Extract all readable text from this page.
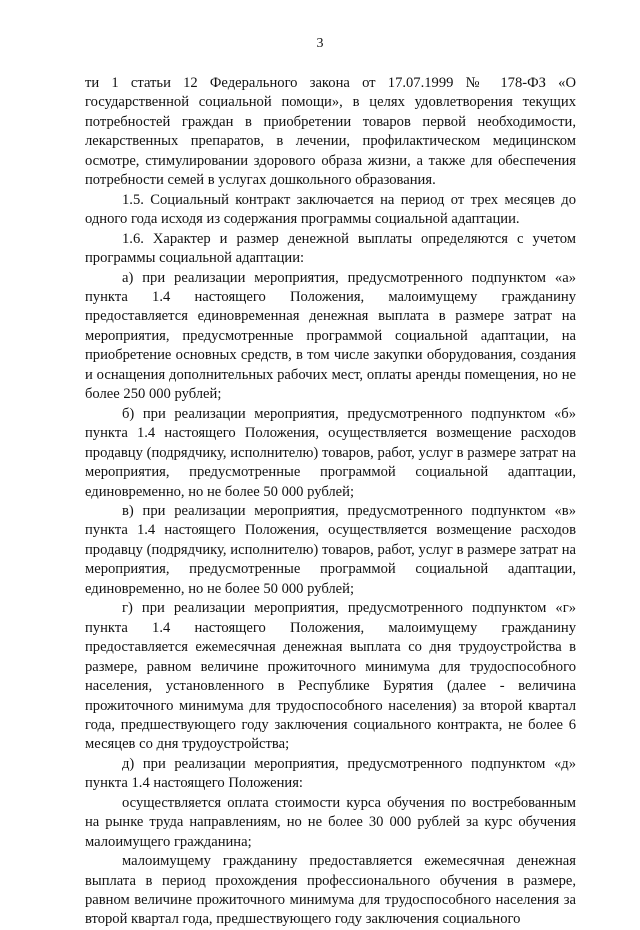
3

ти 1 статьи 12 Федерального закона от 17.07.1999 № 178-ФЗ «О государственной социальной помощи», в целях удовлетворения текущих потребностей граждан в приобретении товаров первой необходимости, лекарственных препаратов, в лечении, профилактическом медицинском осмотре, стимулировании здорового образа жизни, а также для обеспечения потребности семей в услугах дошкольного образования.

1.5. Социальный контракт заключается на период от трех месяцев до одного года исходя из содержания программы социальной адаптации.

1.6. Характер и размер денежной выплаты определяются с учетом программы социальной адаптации:

а) при реализации мероприятия, предусмотренного подпунктом «а» пункта 1.4 настоящего Положения, малоимущему гражданину предоставляется единовременная денежная выплата в размере затрат на мероприятия, предусмотренные программой социальной адаптации, на приобретение основных средств, в том числе закупки оборудования, создания и оснащения дополнительных рабочих мест, оплаты аренды помещения, но не более 250 000 рублей;

б) при реализации мероприятия, предусмотренного подпунктом «б» пункта 1.4 настоящего Положения, осуществляется возмещение расходов продавцу (подрядчику, исполнителю) товаров, работ, услуг в размере затрат на мероприятия, предусмотренные программой социальной адаптации, единовременно, но не более 50 000 рублей;

в) при реализации мероприятия, предусмотренного подпунктом «в» пункта 1.4 настоящего Положения, осуществляется возмещение расходов продавцу (подрядчику, исполнителю) товаров, работ, услуг в размере затрат на мероприятия, предусмотренные программой социальной адаптации, единовременно, но не более 50 000 рублей;

г) при реализации мероприятия, предусмотренного подпунктом «г» пункта 1.4 настоящего Положения, малоимущему гражданину предоставляется ежемесячная денежная выплата со дня трудоустройства в размере, равном величине прожиточного минимума для трудоспособного населения, установленного в Республике Бурятия (далее - величина прожиточного минимума для трудоспособного населения) за второй квартал года, предшествующего году заключения социального контракта, не более 6 месяцев со дня трудоустройства;

д) при реализации мероприятия, предусмотренного подпунктом «д» пункта 1.4 настоящего Положения:

осуществляется оплата стоимости курса обучения по востребованным на рынке труда направлениям, но не более 30 000 рублей за курс обучения малоимущего гражданина;

малоимущему гражданину предоставляется ежемесячная денежная выплата в период прохождения профессионального обучения в размере, равном величине прожиточного минимума для трудоспособного населения за второй квартал года, предшествующего году заключения социального
